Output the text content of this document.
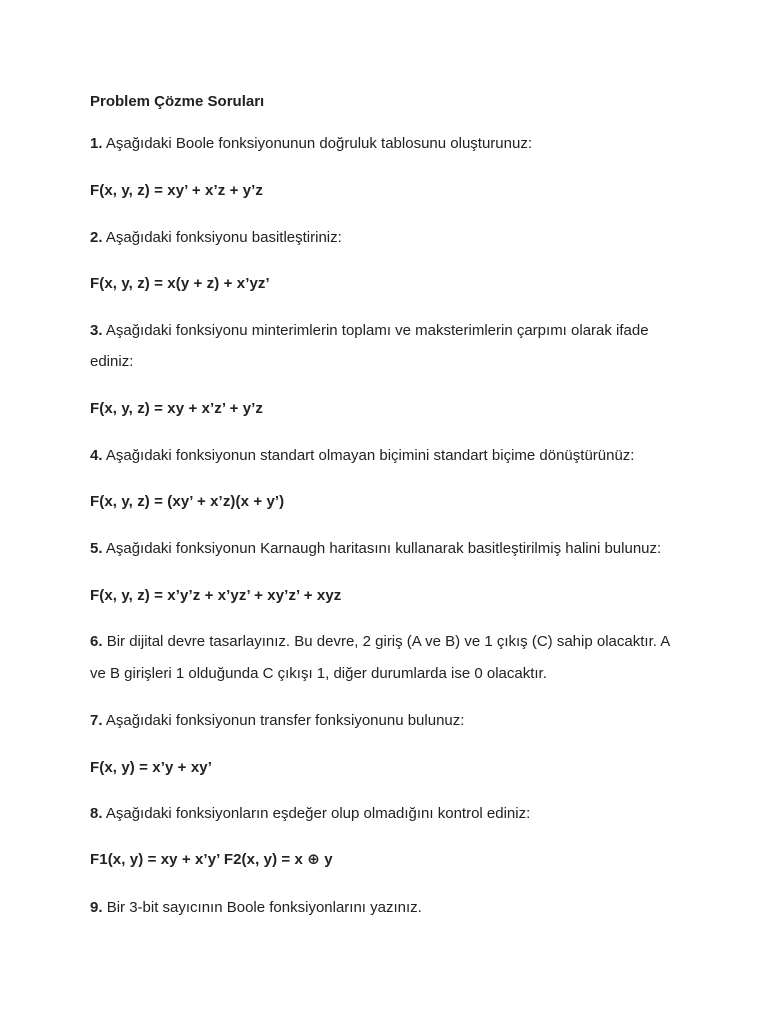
Problem Çözme Soruları
1. Aşağıdaki Boole fonksiyonunun doğruluk tablosunu oluşturunuz:
F(x, y, z) = xy’ + x’z + y’z
2. Aşağıdaki fonksiyonu basitleştiriniz:
F(x, y, z) = x(y + z) + x’yz’
3. Aşağıdaki fonksiyonu minterimlerin toplamı ve maksterimlerin çarpımı olarak ifade
ediniz:
F(x, y, z) = xy + x’z’ + y’z
4. Aşağıdaki fonksiyonun standart olmayan biçimini standart biçime dönüştürünüz:
F(x, y, z) = (xy’ + x’z)(x + y’)
5. Aşağıdaki fonksiyonun Karnaugh haritasını kullanarak basitleştirilmiş halini bulunuz:
F(x, y, z) = x’y’z + x’yz’ + xy’z’ + xyz
6. Bir dijital devre tasarlayınız. Bu devre, 2 giriş (A ve B) ve 1 çıkış (C) sahip olacaktır. A
ve B girişleri 1 olduğunda C çıkışı 1, diğer durumlarda ise 0 olacaktır.
7. Aşağıdaki fonksiyonun transfer fonksiyonunu bulunuz:
F(x, y) = x’y + xy’
8. Aşağıdaki fonksiyonların eşdeğer olup olmadığını kontrol ediniz:
F1(x, y) = xy + x’y’ F2(x, y) = x ⊕ y
9. Bir 3-bit sayıcının Boole fonksiyonlarını yazınız.
